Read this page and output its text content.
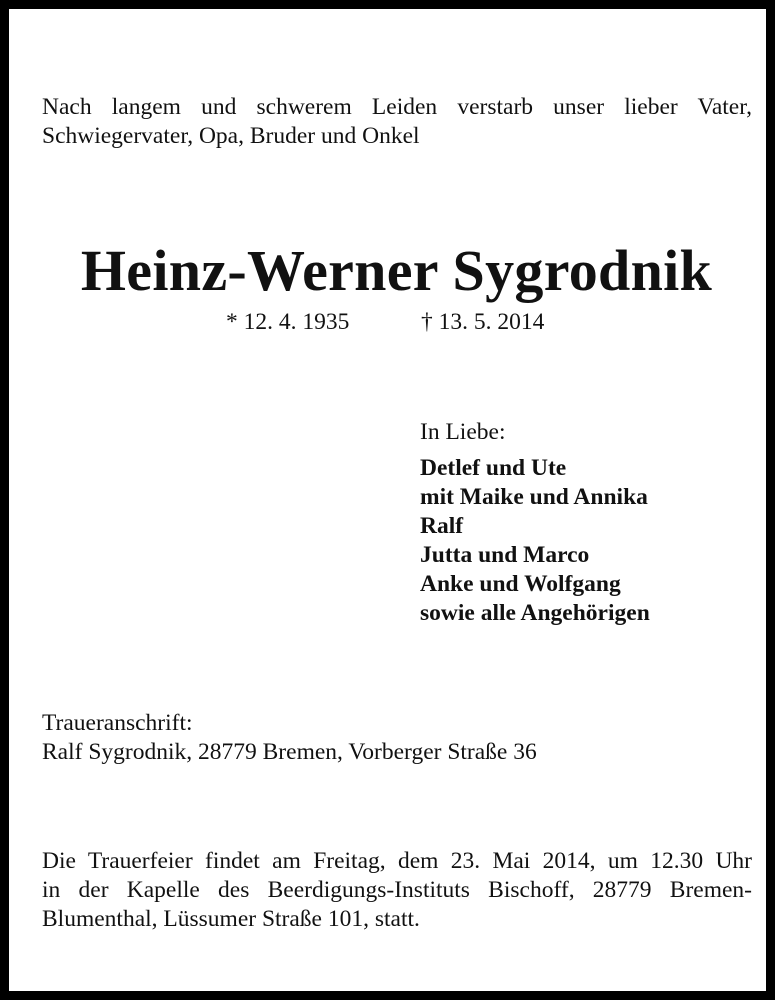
Nach langem und schwerem Leiden verstarb unser lieber Vater,
Schwiegervater, Opa, Bruder und Onkel
Heinz-Werner Sygrodnik
* 12. 4. 1935	† 13. 5. 2014
In Liebe:
Detlef und Ute
mit Maike und Annika
Ralf
Jutta und Marco
Anke und Wolfgang
sowie alle Angehörigen
Traueranschrift:
Ralf Sygrodnik, 28779 Bremen, Vorberger Straße 36
Die Trauerfeier findet am Freitag, dem 23. Mai 2014, um 12.30 Uhr
in der Kapelle des Beerdigungs-Instituts Bischoff, 28779 Bremen-
Blumenthal, Lüssumer Straße 101, statt.
